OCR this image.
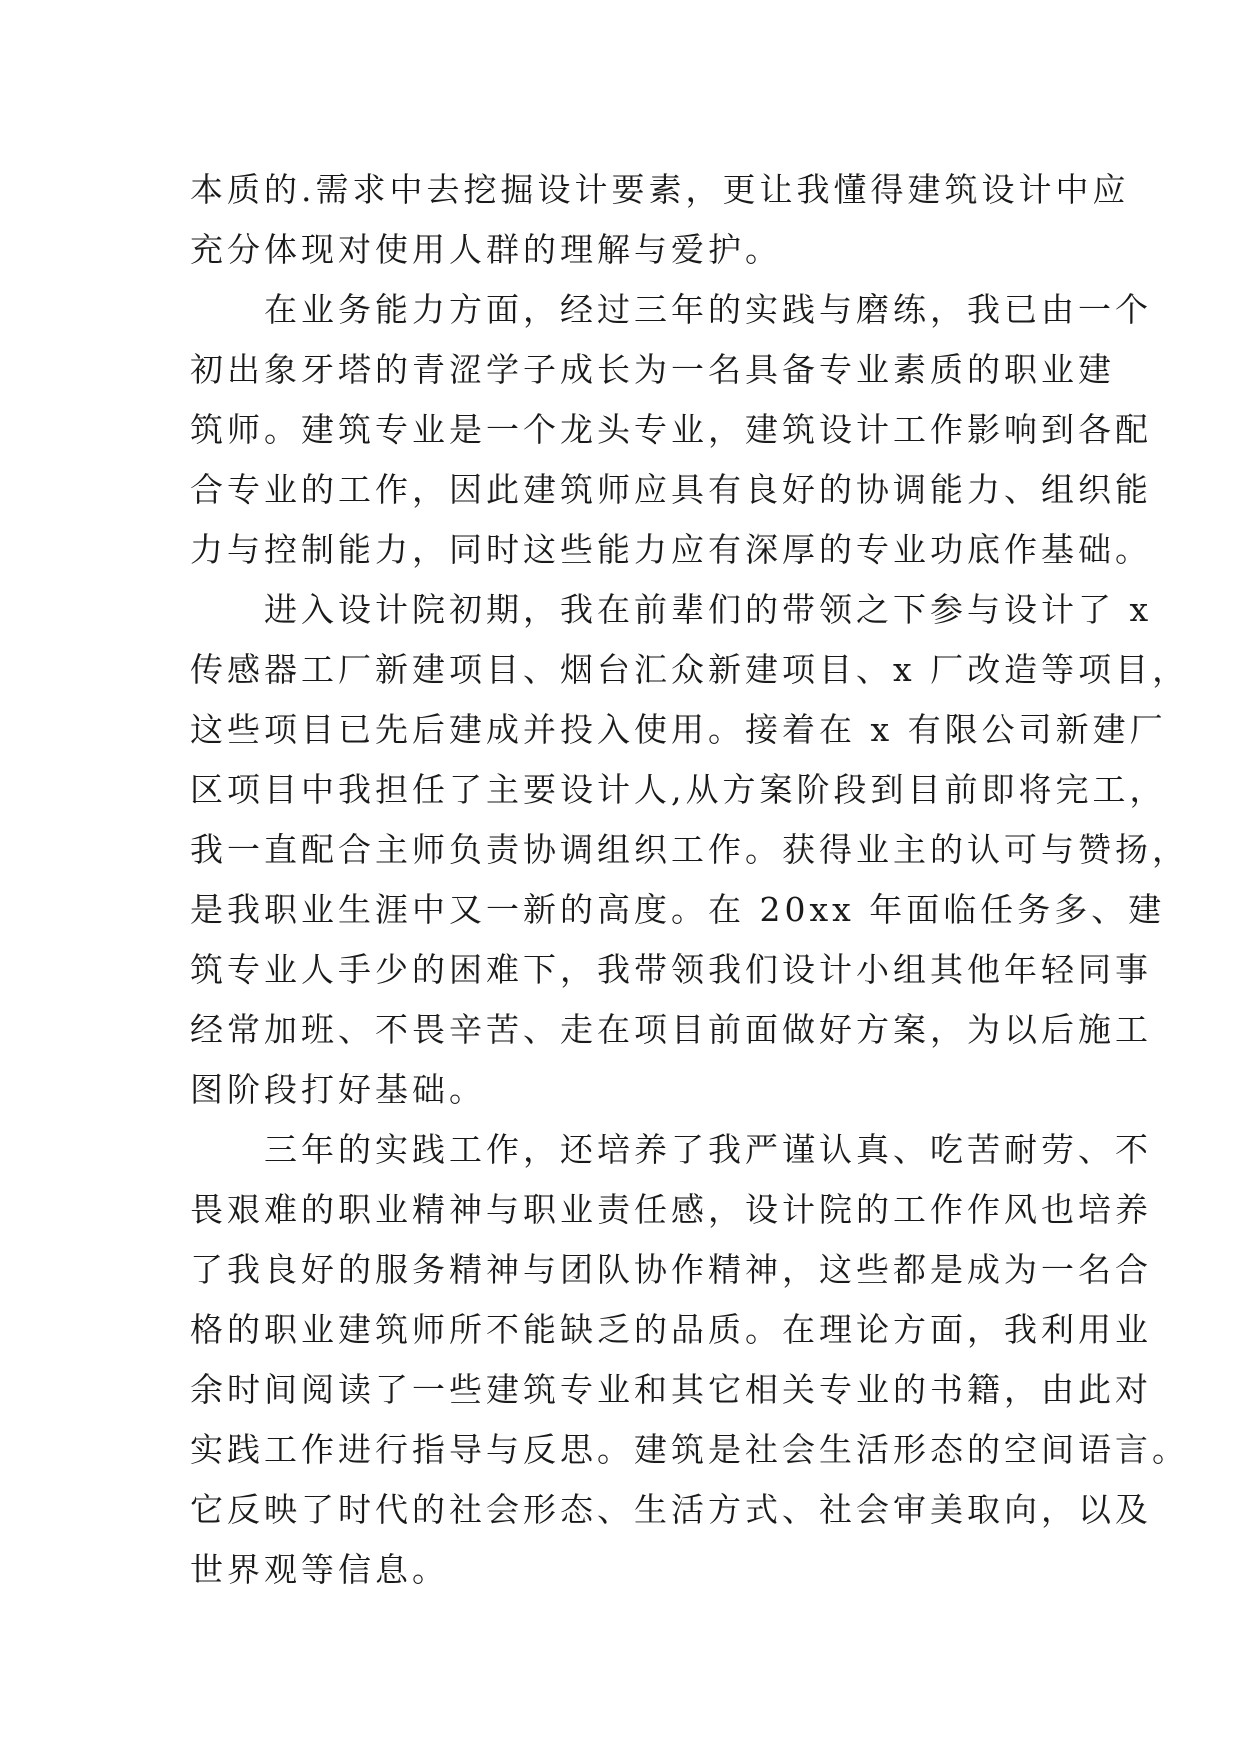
本质的.需求中去挖掘设计要素，更让我懂得建筑设计中应
充分体现对使用人群的理解与爱护。
　　在业务能力方面，经过三年的实践与磨练，我已由一个
初出象牙塔的青涩学子成长为一名具备专业素质的职业建
筑师。建筑专业是一个龙头专业，建筑设计工作影响到各配
合专业的工作，因此建筑师应具有良好的协调能力、组织能
力与控制能力，同时这些能力应有深厚的专业功底作基础。
　　进入设计院初期，我在前辈们的带领之下参与设计了 x
传感器工厂新建项目、烟台汇众新建项目、x 厂改造等项目，
这些项目已先后建成并投入使用。接着在 x 有限公司新建厂
区项目中我担任了主要设计人,从方案阶段到目前即将完工，
我一直配合主师负责协调组织工作。获得业主的认可与赞扬，
是我职业生涯中又一新的高度。在 20xx 年面临任务多、建
筑专业人手少的困难下，我带领我们设计小组其他年轻同事
经常加班、不畏辛苦、走在项目前面做好方案，为以后施工
图阶段打好基础。
　　三年的实践工作，还培养了我严谨认真、吃苦耐劳、不
畏艰难的职业精神与职业责任感，设计院的工作作风也培养
了我良好的服务精神与团队协作精神，这些都是成为一名合
格的职业建筑师所不能缺乏的品质。在理论方面，我利用业
余时间阅读了一些建筑专业和其它相关专业的书籍，由此对
实践工作进行指导与反思。建筑是社会生活形态的空间语言。
它反映了时代的社会形态、生活方式、社会审美取向，以及
世界观等信息。
